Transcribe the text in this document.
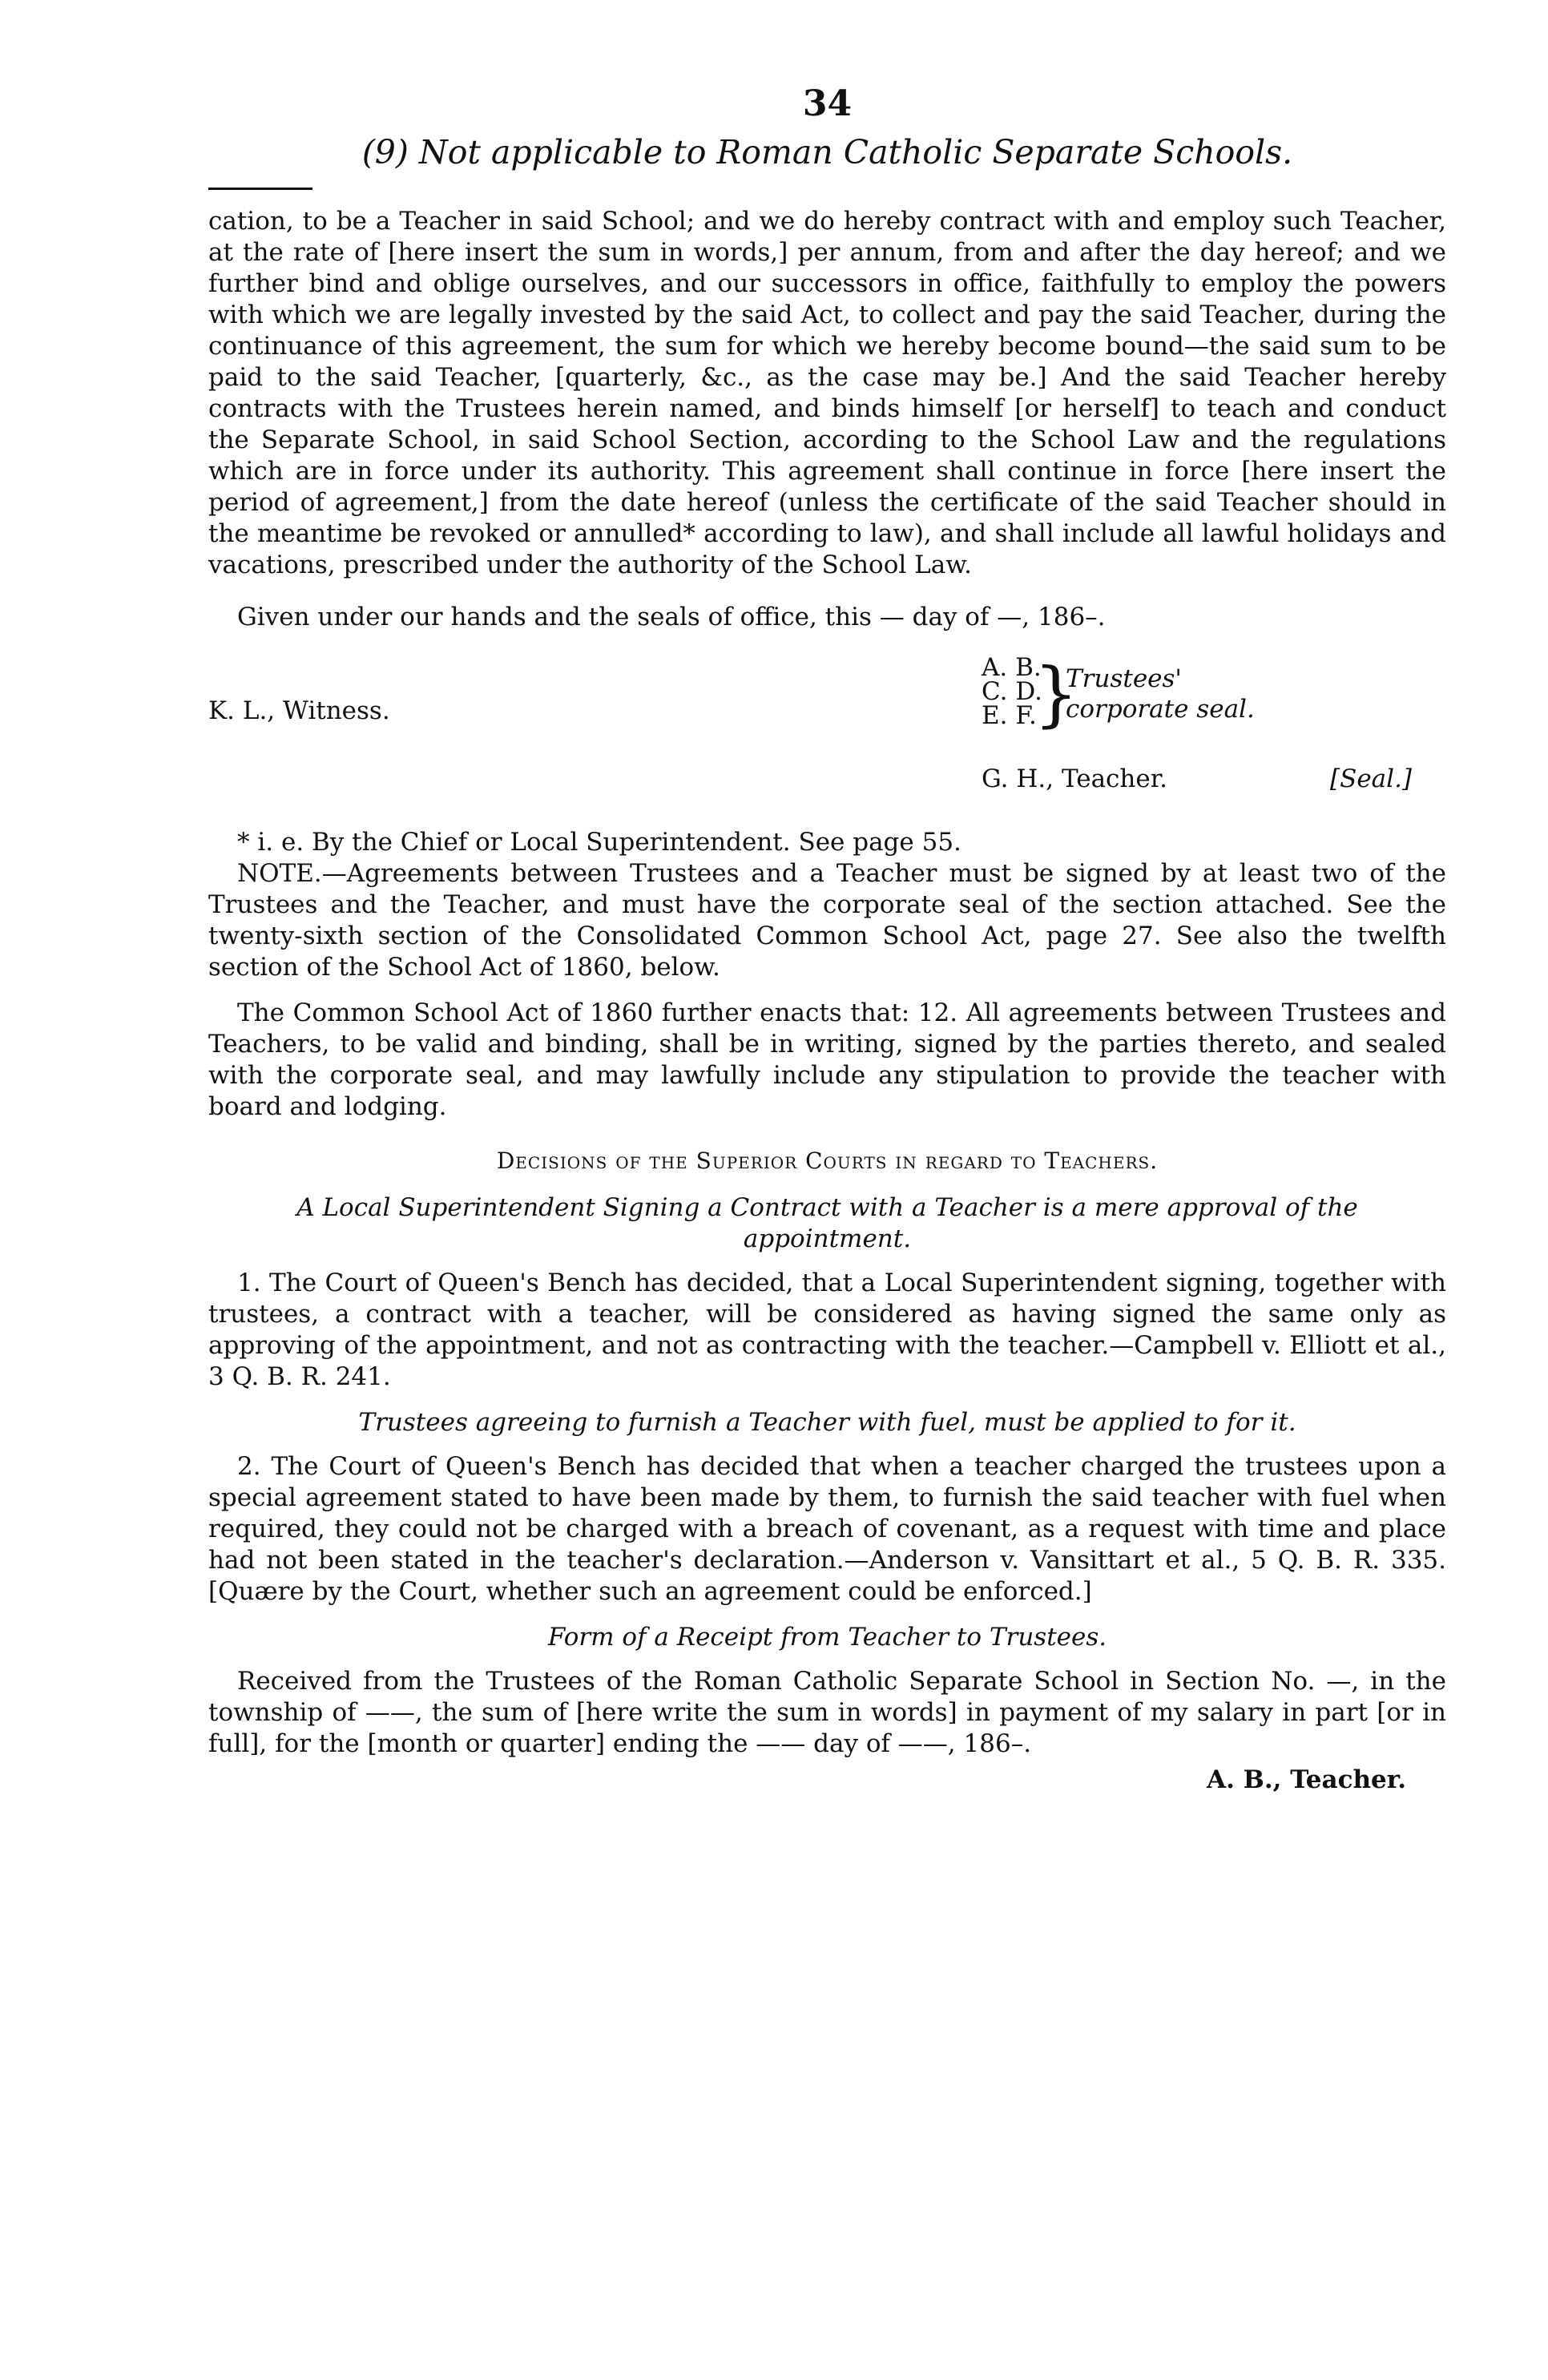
34

(9) Not applicable to Roman Catholic Separate Schools.

cation, to be a Teacher in said School; and we do hereby contract with and employ such Teacher, at the rate of [here insert the sum in words,] per annum, from and after the day hereof; and we further bind and oblige ourselves, and our successors in office, faithfully to employ the powers with which we are legally invested by the said Act, to collect and pay the said Teacher, during the continuance of this agreement, the sum for which we hereby become bound—the said sum to be paid to the said Teacher, [quarterly, &c., as the case may be.] And the said Teacher hereby contracts with the Trustees herein named, and binds himself [or herself] to teach and conduct the Separate School, in said School Section, according to the School Law and the regulations which are in force under its authority. This agreement shall continue in force [here insert the period of agreement,] from the date hereof (unless the certificate of the said Teacher should in the meantime be revoked or annulled* according to law), and shall include all lawful holidays and vacations, prescribed under the authority of the School Law.

Given under our hands and the seals of office, this — day of —, 186–.

K. L., Witness.
A. B.
C. D.
E. F.
}
Trustees'
corporate seal.
G. H., Teacher.	[Seal.]

* i. e. By the Chief or Local Superintendent. See page 55.

NOTE.—Agreements between Trustees and a Teacher must be signed by at least two of the Trustees and the Teacher, and must have the corporate seal of the section attached. See the twenty-sixth section of the Consolidated Common School Act, page 27. See also the twelfth section of the School Act of 1860, below.

The Common School Act of 1860 further enacts that: 12. All agreements between Trustees and Teachers, to be valid and binding, shall be in writing, signed by the parties thereto, and sealed with the corporate seal, and may lawfully include any stipulation to provide the teacher with board and lodging.

Decisions of the Superior Courts in regard to Teachers.

A Local Superintendent Signing a Contract with a Teacher is a mere approval of the appointment.

1. The Court of Queen's Bench has decided, that a Local Superintendent signing, together with trustees, a contract with a teacher, will be considered as having signed the same only as approving of the appointment, and not as contracting with the teacher.—Campbell v. Elliott et al., 3 Q. B. R. 241.

Trustees agreeing to furnish a Teacher with fuel, must be applied to for it.

2. The Court of Queen's Bench has decided that when a teacher charged the trustees upon a special agreement stated to have been made by them, to furnish the said teacher with fuel when required, they could not be charged with a breach of covenant, as a request with time and place had not been stated in the teacher's declaration.—Anderson v. Vansittart et al., 5 Q. B. R. 335. [Quære by the Court, whether such an agreement could be enforced.]

Form of a Receipt from Teacher to Trustees.

Received from the Trustees of the Roman Catholic Separate School in Section No. —, in the township of ——, the sum of [here write the sum in words] in payment of my salary in part [or in full], for the [month or quarter] ending the —— day of ——, 186–.

A. B., Teacher.
